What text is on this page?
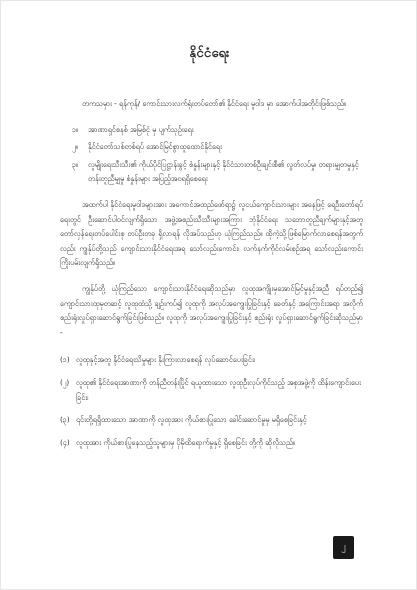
နိုင်ငံရေး

တကသမှား - ရန်ကုန်/ ကောင်းသားလက်ရုံးတပ်တော်၏ နိုင်ငံရေး မူဝါဒ မှာ အောက်ပါအတိုင်းဖြစ်သည်။

၁။	အာဏာရှင်စနစ် အမြစ်ငုံ မှ ပျက်သုဉ်းရေး
၂။	နိုင်ငံတော်သစ်တစ်ရပ် အောင်မြင်စွာထူထောင်နိုင်ရေး
၃။	လူမျိုးရေးသီးသီး၏ ကိုယ်ပိုင်ပြဋ္ဌာန်းခွင့် စံနှုန်းများနှင့် နိုင်ငံသားတစ်ဦးချင်းစီ၏ လွတ်လပ်မှု၊ တရားမျှတမှုနှင့် တန်းတူညီမျှမှု စံနှုန်းများ အပြည့်အဝရရှိစေရေး

အထက်ပါ နိုင်ငံရေးမူဝါဒများအား အကောင်အထည်ဖော်ရာ၌ လူငယ်ကျောင်းသားများ အနေဖြင့် ရေဦးတော်ရပ်ရေးတွင် ဦးဆောင်ပါဝင်လျက်ရှိသော အဖွဲ့အစည်းသီးသီးများအကြား ဘုံနိုင်ငံရေး သဘောတူညီချက်များနှင့်အတူ တော်လှန်ရေးတပ်ပေါင်းစု တပ်ဦးတခု ရှိလာရန် လိုအပ်သည်ဟု ယုံကြည်သည်။ ထိုကဲ့သို့ဖြစ်မြောက်လာစေရန်အတွက်လည်း ကျွန်ုပ်တို့သည် ကျောင်းသားနိုင်ငံရေးအရ သော်လည်းကောင်း၊ လက်နက်ကိုင်လမ်းစဉ်အရ သော်လည်းကောင်း ကြိုးပမ်းလျက်ရှိသည်။

ကျွန်ုပ်တို့ ယုံကြည်သော ကျောင်းသားနိုင်ငံရေးဆိုသည်မှာ လူထုအကျိုးမှအောင်မြင်မှုနှင့်အညီ ရပ်တည်၍ ကျောင်းသားထုမှတဆင့် လူထုထံသို့ ချဉ်းကပ်၍ လူထုကို အလုပ်အကျွေးပြုခြင်းနှင့် ခေတ်နှင့် အကြောင်းအရာ အလိုက် စည်းရုံးလှုပ်ရှားဆောင်ရွက်ခြင်းဖြစ်သည်။ လူထုကို အလုပ်အကျွေးပြုခြင်းနှင့် စည်းရုံး လှုပ်ရှားဆောင်ရွက်ခြင်းဆိုသည်မှာ -

(၁) လူထုနှင့်အတူ နိုင်ငံရေးသိမှုများ နိုးကြားလာစေရန် လုပ်ဆောင်ပေးခြင်း၊
(၂) လူထု၏ နိုင်ငံရေးအာဏာကို တန်ညီတန်းပြိုင် ရယူထားသော လူထုဦးလုပ်ကိုင်သည့် အစုအဖွဲ့ကို ထိန်းကျောင်းပေးခြင်း၊
(၃) ၎င်းတို့ရရှိထားသော အာဏာကို လူထုအား ကိုယ်စားပြုသော ခေါင်းဆောင်မှုမှ မရှိစေခြင်းနှင့်
(၄) လူထုအား ကိုယ်စားပြုနေသည့်သူများမှ ပိုမိုထိရောက်မှုနှင့် ရှိစေခြင်း တို့ကို ဆိုလိုသည်။
၂
